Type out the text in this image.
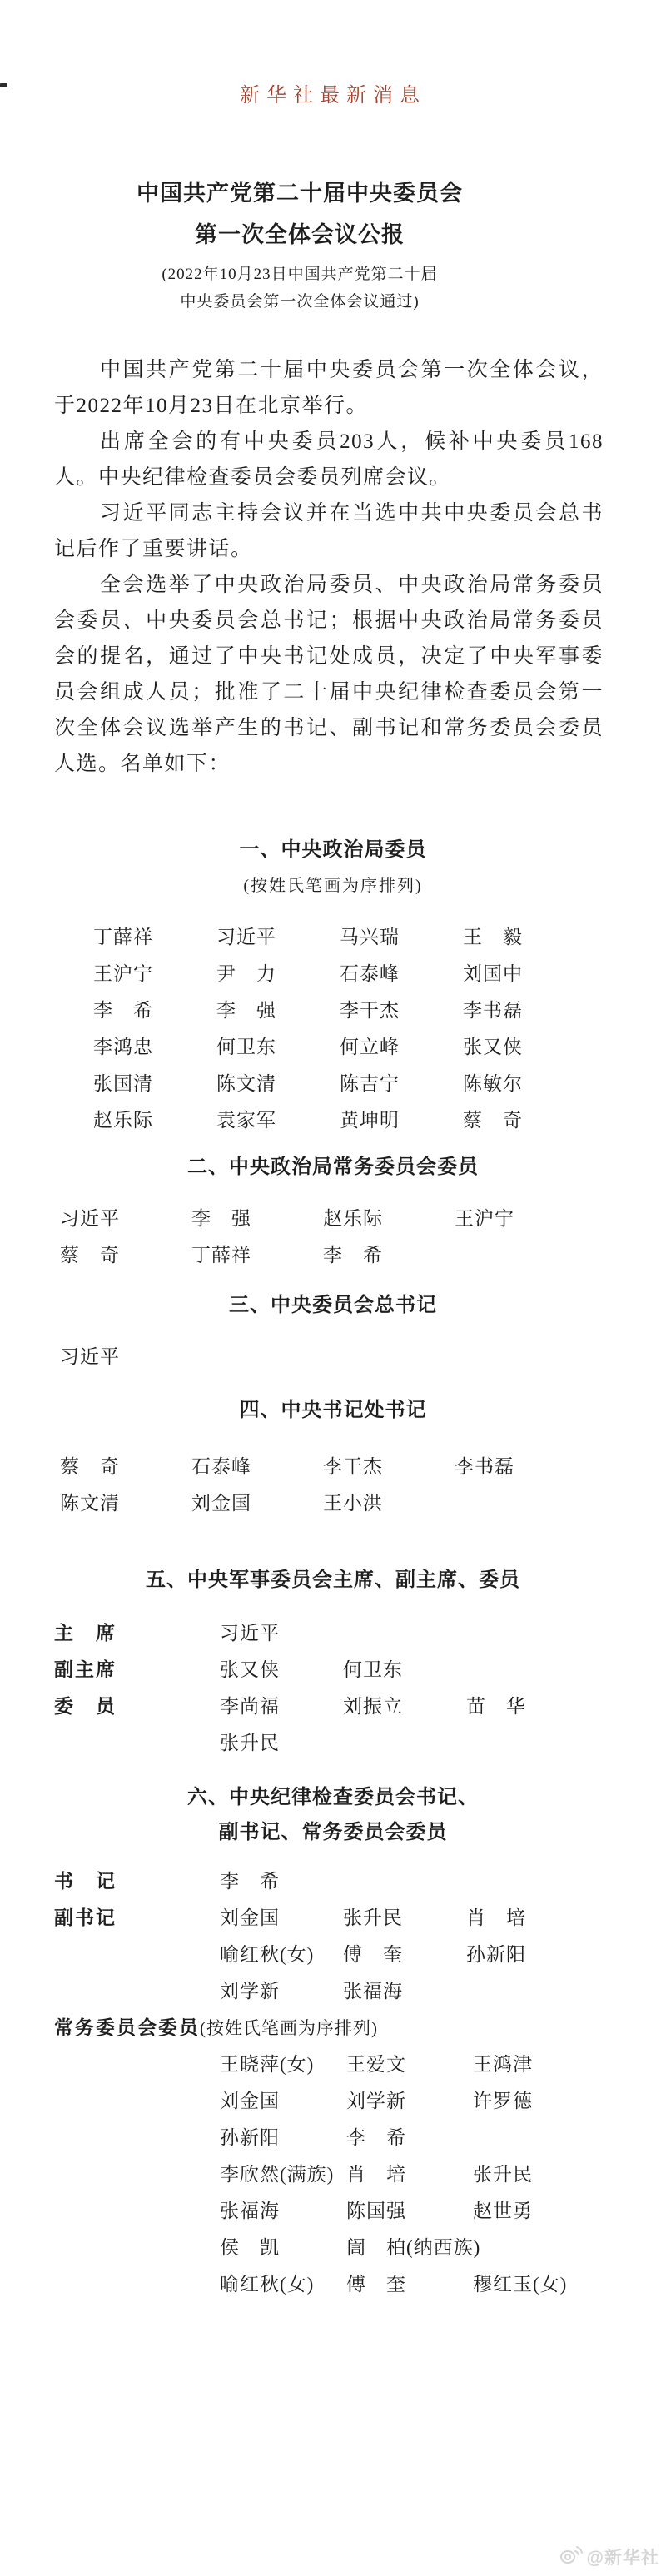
新华社最新消息
中国共产党第二十届中央委员会
第一次全体会议公报
(2022年10月23日中国共产党第二十届
中央委员会第一次全体会议通过)

中国共产党第二十届中央委员会第一次全体会议，于2022年10月23日在北京举行。

出席全会的有中央委员203人，候补中央委员168人。中央纪律检查委员会委员列席会议。

习近平同志主持会议并在当选中共中央委员会总书记后作了重要讲话。

全会选举了中央政治局委员、中央政治局常务委员会委员、中央委员会总书记；根据中央政治局常务委员会的提名，通过了中央书记处成员，决定了中央军事委员会组成人员；批准了二十届中央纪律检查委员会第一次全体会议选举产生的书记、副书记和常务委员会委员人选。名单如下：

一、中央政治局委员
(按姓氏笔画为序排列)
丁薛祥	习近平	马兴瑞	王　毅
王沪宁	尹　力	石泰峰	刘国中
李　希	李　强	李干杰	李书磊
李鸿忠	何卫东	何立峰	张又侠
张国清	陈文清	陈吉宁	陈敏尔
赵乐际	袁家军	黄坤明	蔡　奇
二、中央政治局常务委员会委员
习近平	李　强	赵乐际	王沪宁
蔡　奇	丁薛祥	李　希
三、中央委员会总书记
习近平
四、中央书记处书记
蔡　奇	石泰峰	李干杰	李书磊
陈文清	刘金国	王小洪
五、中央军事委员会主席、副主席、委员
主　席	习近平
副主席	张又侠	何卫东
委　员	李尚福	刘振立	苗　华
张升民
六、中央纪律检查委员会书记、
副书记、常务委员会委员
书　记	李　希
副书记	刘金国	张升民	肖　培
喻红秋(女) 傅　奎	孙新阳
刘学新	张福海
常务委员会委员(按姓氏笔画为序排列)
王晓萍(女) 王爱文	王鸿津
刘金国	刘学新	许罗德
孙新阳	李　希
李欣然(满族) 肖　培	张升民
张福海	陈国强	赵世勇
侯　凯	訚　柏(纳西族)
喻红秋(女) 傅　奎	穆红玉(女)
@新华社
